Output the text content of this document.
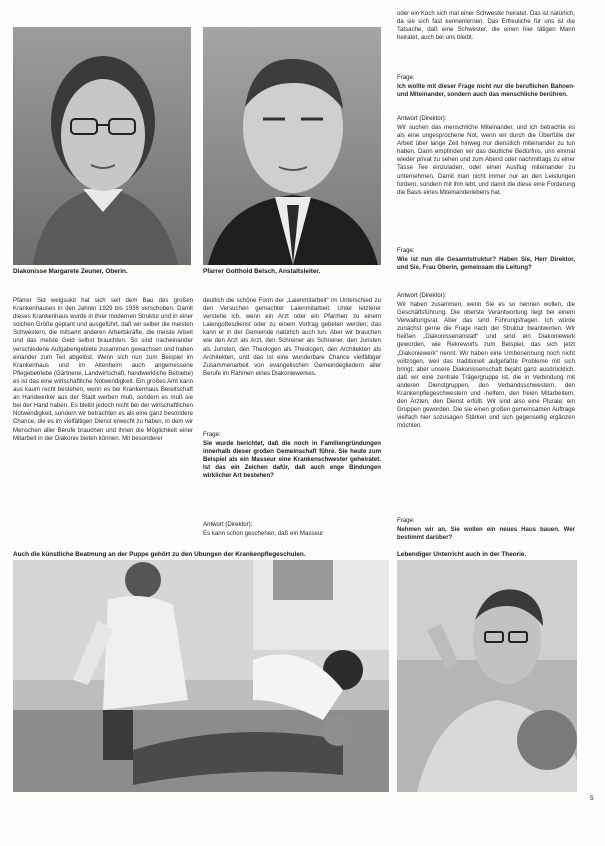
Diakonisse Margarete Zeuner, Oberin.	Pfarrer Gotthold Belsch, Anstaltsleiter.
Pfarrer Sid weigsukit hat sich seit dem Bau des großen Krankenhauses in den Jahren 1929 bis 1936 verschoben. Damit dieses Krankenhaus wurde in ihrer modernen Struktur und in einer solchen Größe geplant und ausgeführt, daß wir selber die meisten Schwestern, die mitsamt anderen Arbeitskräfte, die meiste Arbeit und das meiste Geld selbst brauchten. So sind nacheinander verschiedene Aufgabengebiete zusammen gewachsen und haben einander zum Teil abgelöst. Wenn sich nun zum Beispiel im Krankenhaus und im Altenheim auch angemessene Pflegebetriebe (Gärtnerei, Landwirtschaft, handwerkliche Betriebe) es ist das eine wirtschaftliche Notwendigkeit. Ein großes Amt kann aus kaum recht bestehen, wenn es bei Krankenhaus Bereitschaft an Handwerker aus der Stadt werben muß, sondern es muß sie bei der Hand haben. Es bleibt jedoch nicht bei der wirtschaftlichen Notwendigkeit, sondern wir betrachten es als eine ganz besondere Chance, die es im vielfältigen Dienst erwecht zu haben, in dem wir Menschen aller Berufe brauchen und ihnen die Möglichkeit einer Mitarbeit in der Diakonie bieten können. Mit besonderer
deutlich die schöne Form der „Laienmitarbeit“ im Unterschied zu den Versuchen gemachter Laienmitarbeit. Unter letzterer verstehe ich, wenn ein Arzt oder ein Pfarrherr zu einem Laiengottesdienst oder zu einem Vortrag gebeten werden; das kann er in der Gemeinde natürlich auch tun. Aber wir brauchen wie den Arzt als Arzt, den Schreiner als Schreiner, den Juristen als Juristen, den Theologen als Theologen, den Architekten als Architekten, und das ist eine wunderbare Chance vielfältiger Zusammenarbeit von evangelischen Gemeindegliedern aller Berufe im Rahmen eines Diakoniewerkes.
Frage:
Sie wurde berichtet, daß die noch in Familiengründungen innerhalb dieser großen Gemeinschaft führe. Sie heute zum Beispiel als ein Masseur eine Krankenschwester geheiratet. Ist das ein Zeichen dafür, daß auch enge Bindungen wirklicher Art bestehen?
Antwort (Direktor):
Es kann schon geschehen, daß ein Masseur
oder ein Koch sich mal einer Schwester heiratet. Das ist natürlich, da sie sich fast kennenlernen. Das Erfreuliche für uns ist die Tatsache, daß eine Schwester, die einen hier tätigen Mann heiratet, auch bei uns bleibt.
Frage:
Ich wollte mit dieser Frage nicht nur die beruflichen Bahnen- und Miteinander, sondern auch das menschliche berühren.
Antwort (Direktor):
Wir suchen das menschliche Miteinander, und ich betrachte es als eine ungesprochene Not, wenn wir durch die Überfülle der Arbeit über lange Zeit hinweg nur dienstlich miteinander zu tun haben. Dann empfinden wir das deutliche Bedürfnis, uns einmal wieder privat zu sehen und zum Abend oder nachmittags zu einer Tasse Tee einzuladen, oder einen Ausflug miteinander zu unternehmen. Damit man nicht immer nur an den Leistungen fordern, sondern mit ihm lebt, und damit die diese eine Forderung die Basis eines Miteinanderlebens hat.
Frage:
Wie ist nun die Gesamtstruktur? Haben Sie, Herr Direktor, und Sie, Frau Oberin, gemeinsam die Leitung?
Antwort (Direktor):
Wir haben zusammen, wenn Sie es so nennen wollen, die Geschäftsführung. Die oberste Verantwortung liegt bei einem Verwaltungsrat. Aber das sind Führungsfragen. Ich würde zunächst gerne die Frage nach der Struktur beantworten. Wir heißen „Diakonissenanstalt“ und sind ein Diakoniewerk geworden, wie Rekreworts zum Beispiel, das sich jetzt „Diakoniewerk“ nennt. Wir haben eine Umbenennung noch nicht vollzogen, weil das traditionell aufgefaßte Probleme mit sich bringt; aber unsere Diakonissenschaft bejaht ganz ausdrücklich, daß wir eine zentrale Trägergruppe ist, die in Verbindung mit anderen Dienstgruppen, den Verbandsschwestern, den Krankenpflegeschwestern und -helfern, den freien Mitarbeitern, den Ärzten, den Dienst erfüllt. Wir sind also eine Plurale; ein Gruppen geworden. Die sie einen großen gemeinsamen Auftrage vielfach hier sozusagen Stärken und sich gegenseitig ergänzen möchten.
Frage:
Nehmen wir an, Sie wollen ein neues Haus bauen. Wer bestimmt darüber?
Auch die künstliche Beatmung an der Puppe gehört zu den Übungen der Krankenpflegeschulen.	Lebendiger Unterricht auch in der Theorie.
5
